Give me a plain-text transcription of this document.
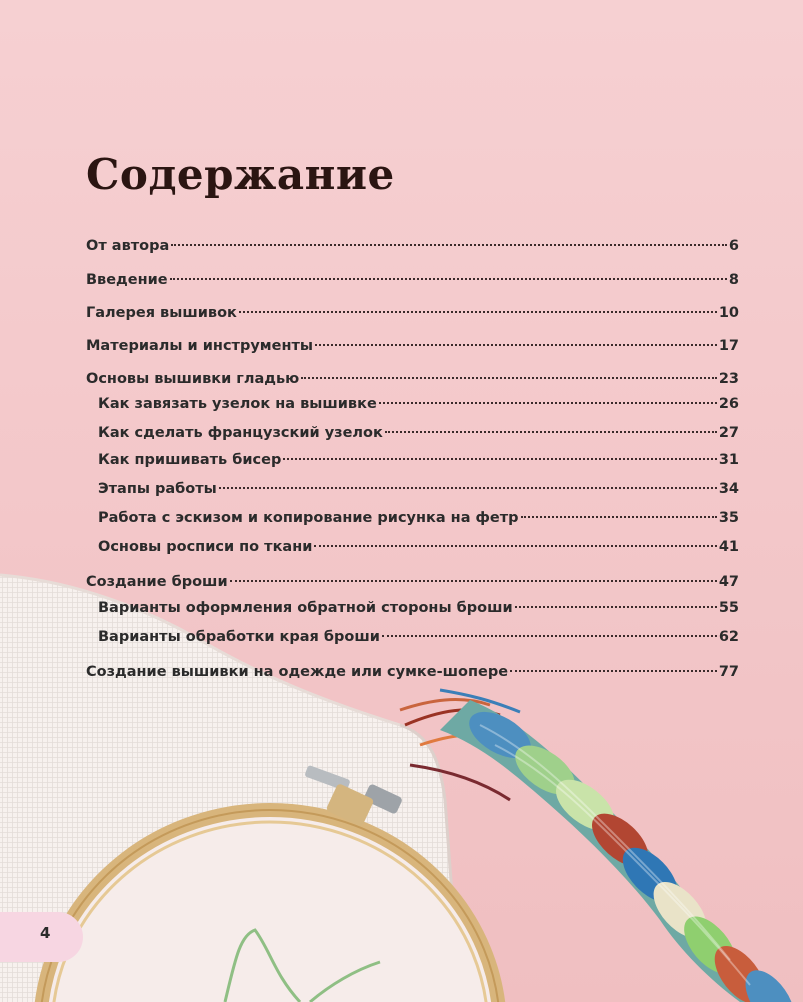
Содержание
От автора	6
Введение	8
Галерея вышивок	10
Материалы и инструменты	17
Основы вышивки гладью	23
Как завязать узелок на вышивке	26
Как сделать французский узелок	27
Как пришивать бисер	31
Этапы работы	34
Работа с эскизом и копирование рисунка на фетр	35
Основы росписи по ткани	41
Создание броши	47
Варианты оформления обратной стороны броши	55
Варианты обработки края броши	62
Создание вышивки на одежде или сумке-шопере	77
4
